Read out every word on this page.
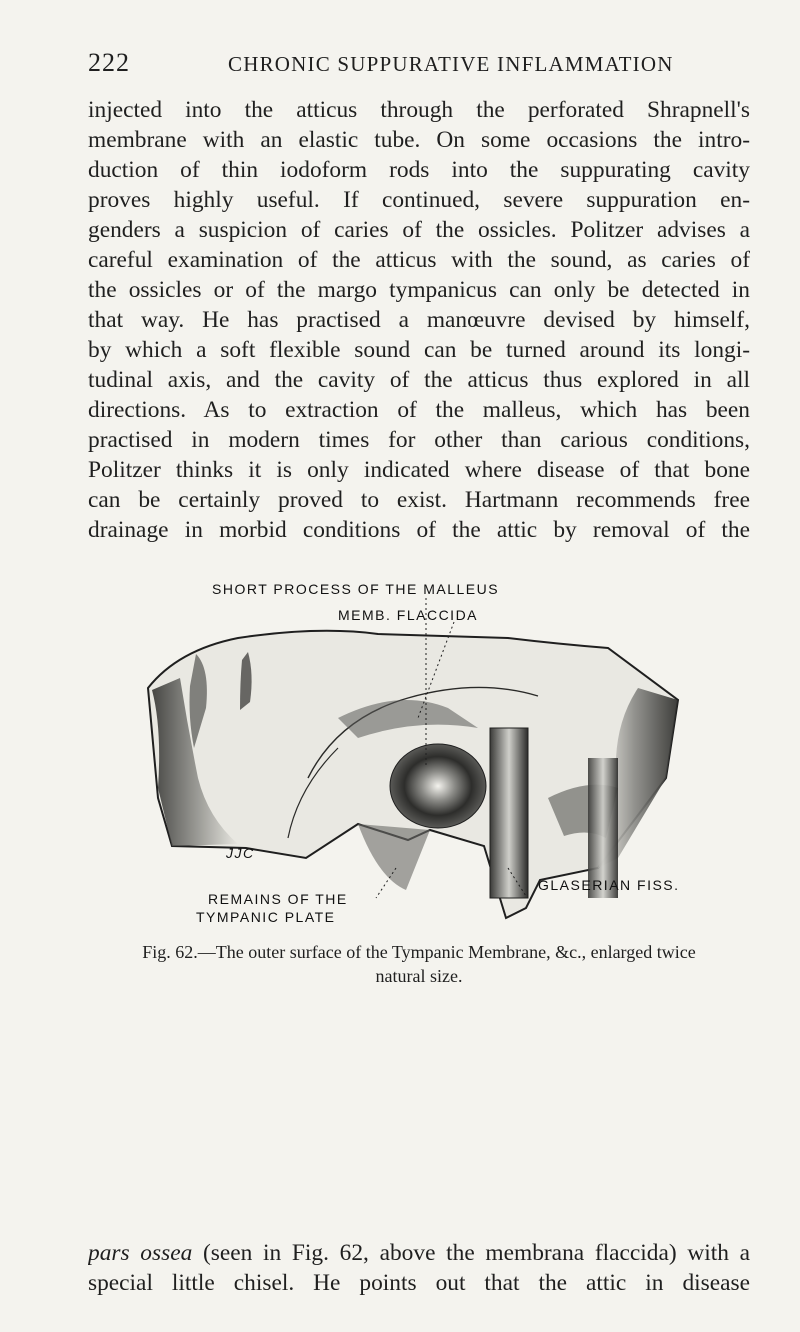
222	CHRONIC SUPPURATIVE INFLAMMATION
injected into the atticus through the perforated Shrapnell's
membrane with an elastic tube. On some occasions the intro-
duction of thin iodoform rods into the suppurating cavity
proves highly useful. If continued, severe suppuration en-
genders a suspicion of caries of the ossicles. Politzer advises a
careful examination of the atticus with the sound, as caries of
the ossicles or of the margo tympanicus can only be detected in
that way. He has practised a manœuvre devised by himself,
by which a soft flexible sound can be turned around its longi-
tudinal axis, and the cavity of the atticus thus explored in all
directions. As to extraction of the malleus, which has been
practised in modern times for other than carious conditions,
Politzer thinks it is only indicated where disease of that bone
can be certainly proved to exist. Hartmann recommends free
drainage in morbid conditions of the attic by removal of the
SHORT PROCESS OF THE MALLEUS
MEMB. FLACCIDA
JJC
REMAINS OF THE
TYMPANIC PLATE
GLASERIAN FISS.
Fig. 62.—The outer surface of the Tympanic Membrane, &c., enlarged twice
natural size.
pars ossea (seen in Fig. 62, above the membrana flaccida) with a
special little chisel. He points out that the attic in disease
